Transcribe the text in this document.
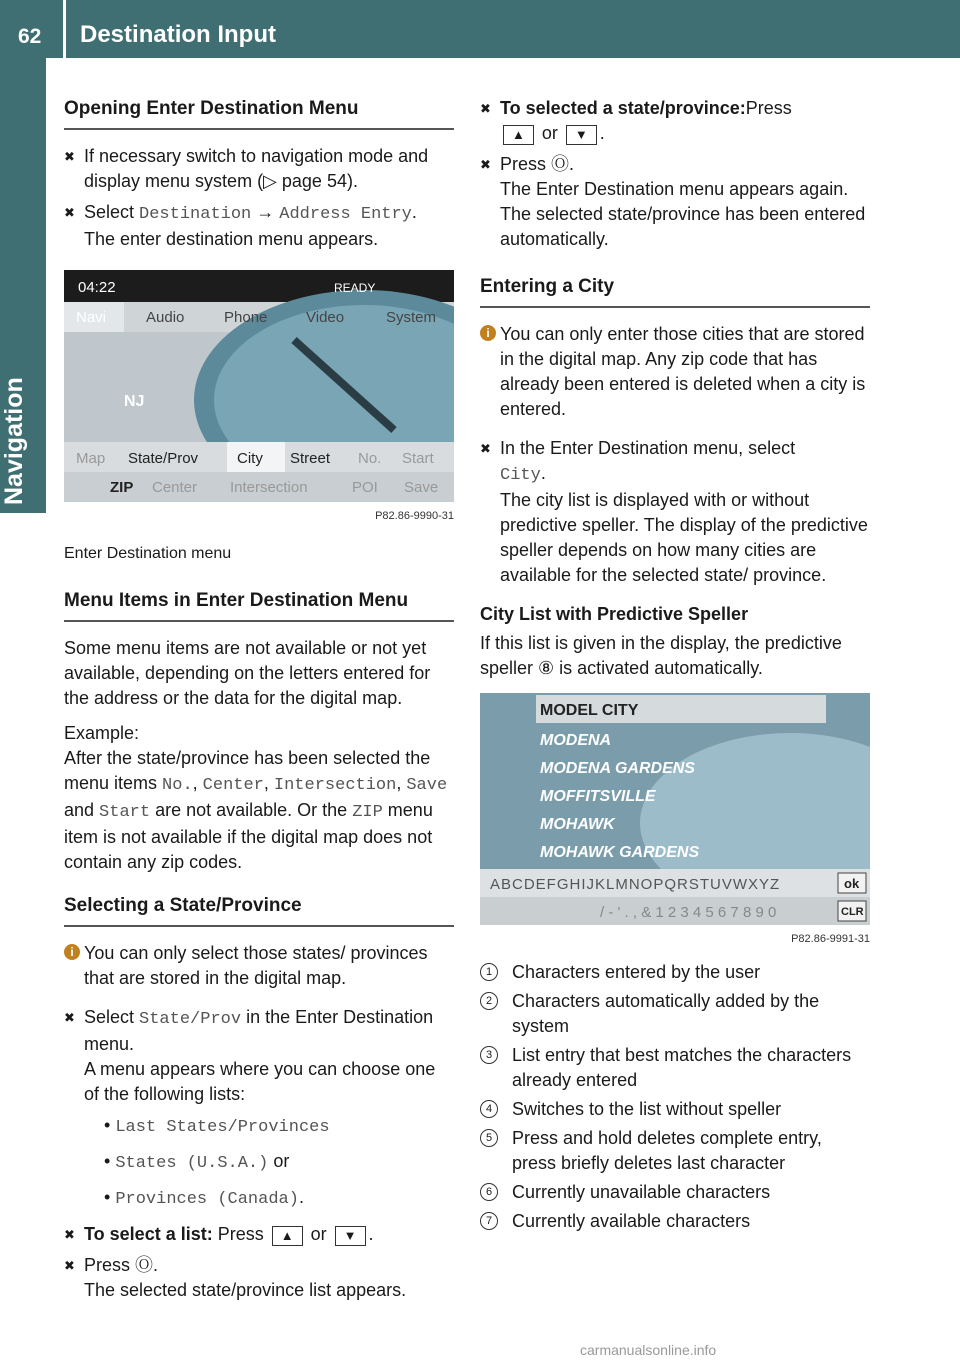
62 Destination Input
Navigation
Opening Enter Destination Menu
✖ If necessary switch to navigation mode and display menu system (▷ page 54).
✖ Select Destination → Address Entry.
The enter destination menu appears.
04:22	READY
Navi	Audio	Phone	Video	System
NJ
Map State/Prov	City Street No. Start
ZIP Center Intersection	POI Save
P82.86-9990-31
Enter Destination menu
Menu Items in Enter Destination Menu

Some menu items are not available or not yet available, depending on the letters entered for the address or the data for the digital map.

Example:
After the state/province has been selected the menu items No., Center, Intersection, Save and Start are not available. Or the ZIP menu item is not available if the digital map does not contain any zip codes.

Selecting a State/Province
i You can only select those states/ provinces that are stored in the digital map.
✖ Select State/Prov in the Enter Destination menu.
A menu appears where you can choose one of the following lists:
• Last States/Provinces
• States (U.S.A.) or
• Provinces (Canada).
✖ To select a list: Press ▲ or ▼ .
✖ Press Ⓞ.
The selected state/province list appears.
✖ To selected a state/province:Press
▲ or ▼ .
✖ Press Ⓞ.
The Enter Destination menu appears again. The selected state/province has been entered automatically.
Entering a City
i You can only enter those cities that are stored in the digital map. Any zip code that has already been entered is deleted when a city is entered.
✖ In the Enter Destination menu, select
City.
The city list is displayed with or without predictive speller. The display of the predictive speller depends on how many cities are available for the selected state/ province.
City List with Predictive Speller

If this list is given in the display, the predictive speller ⑧ is activated automatically.

MODEL CITY
MODENA
MODENA GARDENS
MOFFITSVILLE
MOHAWK
MOHAWK GARDENS
ABCDEFGHIJKLMNOPQRSTUVWXYZ	ok
/ - ' . , & 1 2 3 4 5 6 7 8 9 0	CLR
P82.86-9991-31
1	Characters entered by the user
2	Characters automatically added by the system
3	List entry that best matches the characters already entered
4	Switches to the list without speller
5	Press and hold deletes complete entry, press briefly deletes last character
6	Currently unavailable characters
7	Currently available characters
carmanualsonline.info
